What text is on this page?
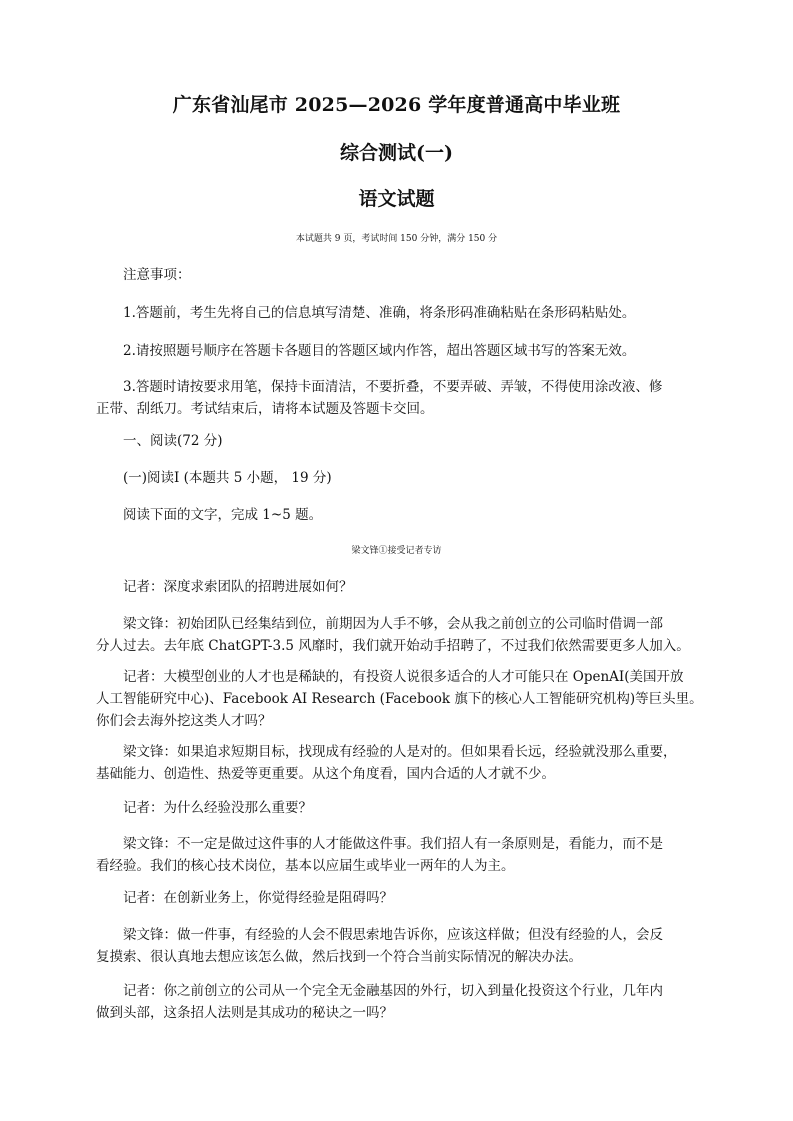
广东省汕尾市 2025—2026 学年度普通高中毕业班
综合测试(一)
语文试题
本试题共 9 页，考试时间 150 分钟，满分 150 分
注意事项：
1.答题前，考生先将自己的信息填写清楚、准确，将条形码准确粘贴在条形码粘贴处。
2.请按照题号顺序在答题卡各题目的答题区域内作答，超出答题区域书写的答案无效。
3.答题时请按要求用笔，保持卡面清洁，不要折叠，不要弄破、弄皱，不得使用涂改液、修
正带、刮纸刀。考试结束后，请将本试题及答题卡交回。
一、阅读(72 分)
(一)阅读Ⅰ (本题共 5 小题， 19 分)
阅读下面的文字，完成 1~5 题。
梁文锋①接受记者专访
记者：深度求索团队的招聘进展如何？
梁文锋：初始团队已经集结到位，前期因为人手不够，会从我之前创立的公司临时借调一部
分人过去。去年底 ChatGPT-3.5 风靡时，我们就开始动手招聘了，不过我们依然需要更多人加入。
记者：大模型创业的人才也是稀缺的，有投资人说很多适合的人才可能只在 OpenAI(美国开放
人工智能研究中心)、Facebook AI Research (Facebook 旗下的核心人工智能研究机构)等巨头里。
你们会去海外挖这类人才吗？
梁文锋：如果追求短期目标，找现成有经验的人是对的。但如果看长远，经验就没那么重要，
基础能力、创造性、热爱等更重要。从这个角度看，国内合适的人才就不少。
记者：为什么经验没那么重要？
梁文锋：不一定是做过这件事的人才能做这件事。我们招人有一条原则是，看能力，而不是
看经验。我们的核心技术岗位，基本以应届生或毕业一两年的人为主。
记者：在创新业务上，你觉得经验是阻碍吗？
梁文锋：做一件事，有经验的人会不假思索地告诉你，应该这样做；但没有经验的人，会反
复摸索、很认真地去想应该怎么做，然后找到一个符合当前实际情况的解决办法。
记者：你之前创立的公司从一个完全无金融基因的外行，切入到量化投资这个行业，几年内
做到头部，这条招人法则是其成功的秘诀之一吗？
